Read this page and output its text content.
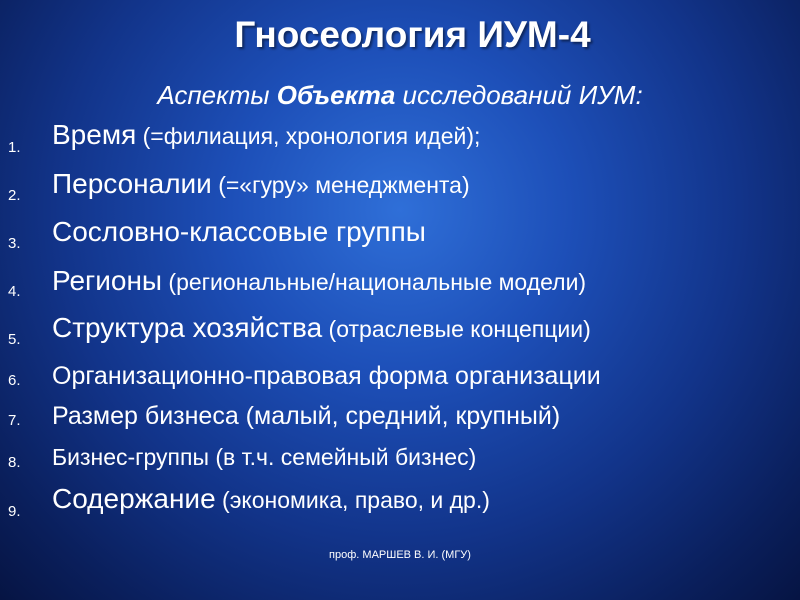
Гносеология ИУМ-4
Аспекты Объекта исследований ИУМ:
1. Время (=филиация, хронология идей);
2. Персоналии (=«гуру» менеджмента)
3. Сословно-классовые группы
4. Регионы (региональные/национальные модели)
5. Структура хозяйства (отраслевые концепции)
6. Организационно-правовая форма организации
7. Размер бизнеса (малый, средний, крупный)
8. Бизнес-группы (в т.ч. семейный бизнес)
9. Содержание (экономика, право, и др.)
проф. МАРШЕВ В. И. (МГУ)
